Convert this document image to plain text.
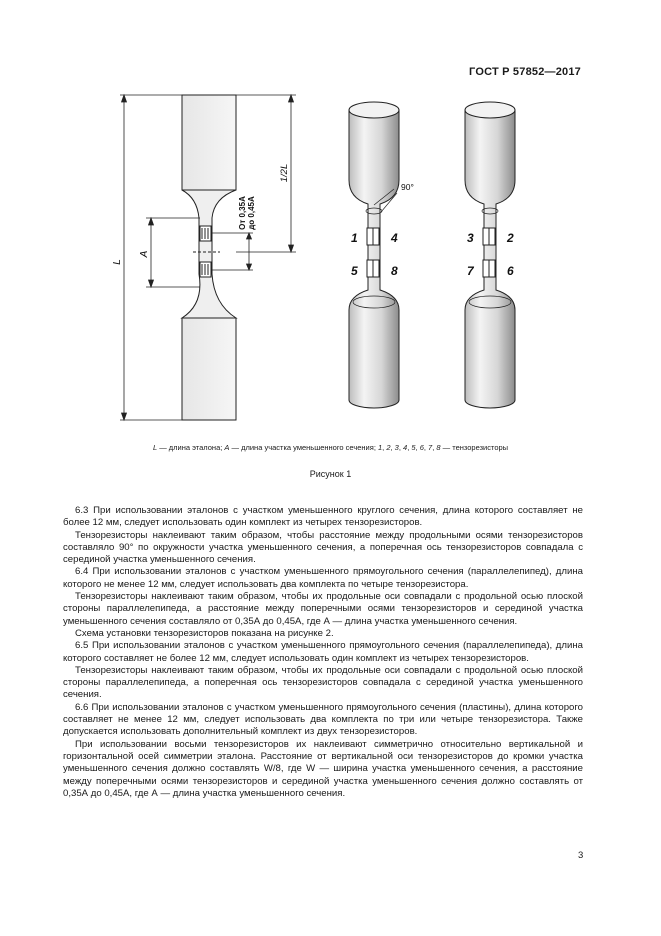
ГОСТ Р 57852—2017
L
A
1/2L
От 0,35А до 0,45А
90°
1	4
5	8
3	2
7	6
L — длина эталона; A — длина участка уменьшенного сечения; 1, 2, 3, 4, 5, 6, 7, 8 — тензорезисторы
Рисунок 1

6.3 При использовании эталонов с участком уменьшенного круглого сечения, длина которого составляет не более 12 мм, следует использовать один комплект из четырех тензорезисторов.

Тензорезисторы наклеивают таким образом, чтобы расстояние между продольными осями тензорезисторов составляло 90° по окружности участка уменьшенного сечения, а поперечная ось тензорезисторов совпадала с серединой участка уменьшенного сечения.

6.4 При использовании эталонов с участком уменьшенного прямоугольного сечения (параллелепипед), длина которого не менее 12 мм, следует использовать два комплекта по четыре тензорезистора.

Тензорезисторы наклеивают таким образом, чтобы их продольные оси совпадали с продольной осью плоской стороны параллелепипеда, а расстояние между поперечными осями тензорезисторов и серединой участка уменьшенного сечения составляло от 0,35А до 0,45А, где А — длина участка уменьшенного сечения.

Схема установки тензорезисторов показана на рисунке 2.

6.5 При использовании эталонов с участком уменьшенного прямоугольного сечения (параллелепипеда), длина которого составляет не более 12 мм, следует использовать один комплект из четырех тензорезисторов.

Тензорезисторы наклеивают таким образом, чтобы их продольные оси совпадали с продольной осью плоской стороны параллелепипеда, а поперечная ось тензорезисторов совпадала с серединой участка уменьшенного сечения.

6.6 При использовании эталонов с участком уменьшенного прямоугольного сечения (пластины), длина которого составляет не менее 12 мм, следует использовать два комплекта по три или четыре тензорезистора. Также допускается использовать дополнительный комплект из двух тензорезисторов.

При использовании восьми тензорезисторов их наклеивают симметрично относительно вертикальной и горизонтальной осей симметрии эталона. Расстояние от вертикальной оси тензорезисторов до кромки участка уменьшенного сечения должно составлять W/8, где W — ширина участка уменьшенного сечения, а расстояние между поперечными осями тензорезисторов и серединой участка уменьшенного сечения должно составлять от 0,35А до 0,45А, где А — длина участка уменьшенного сечения.

3
